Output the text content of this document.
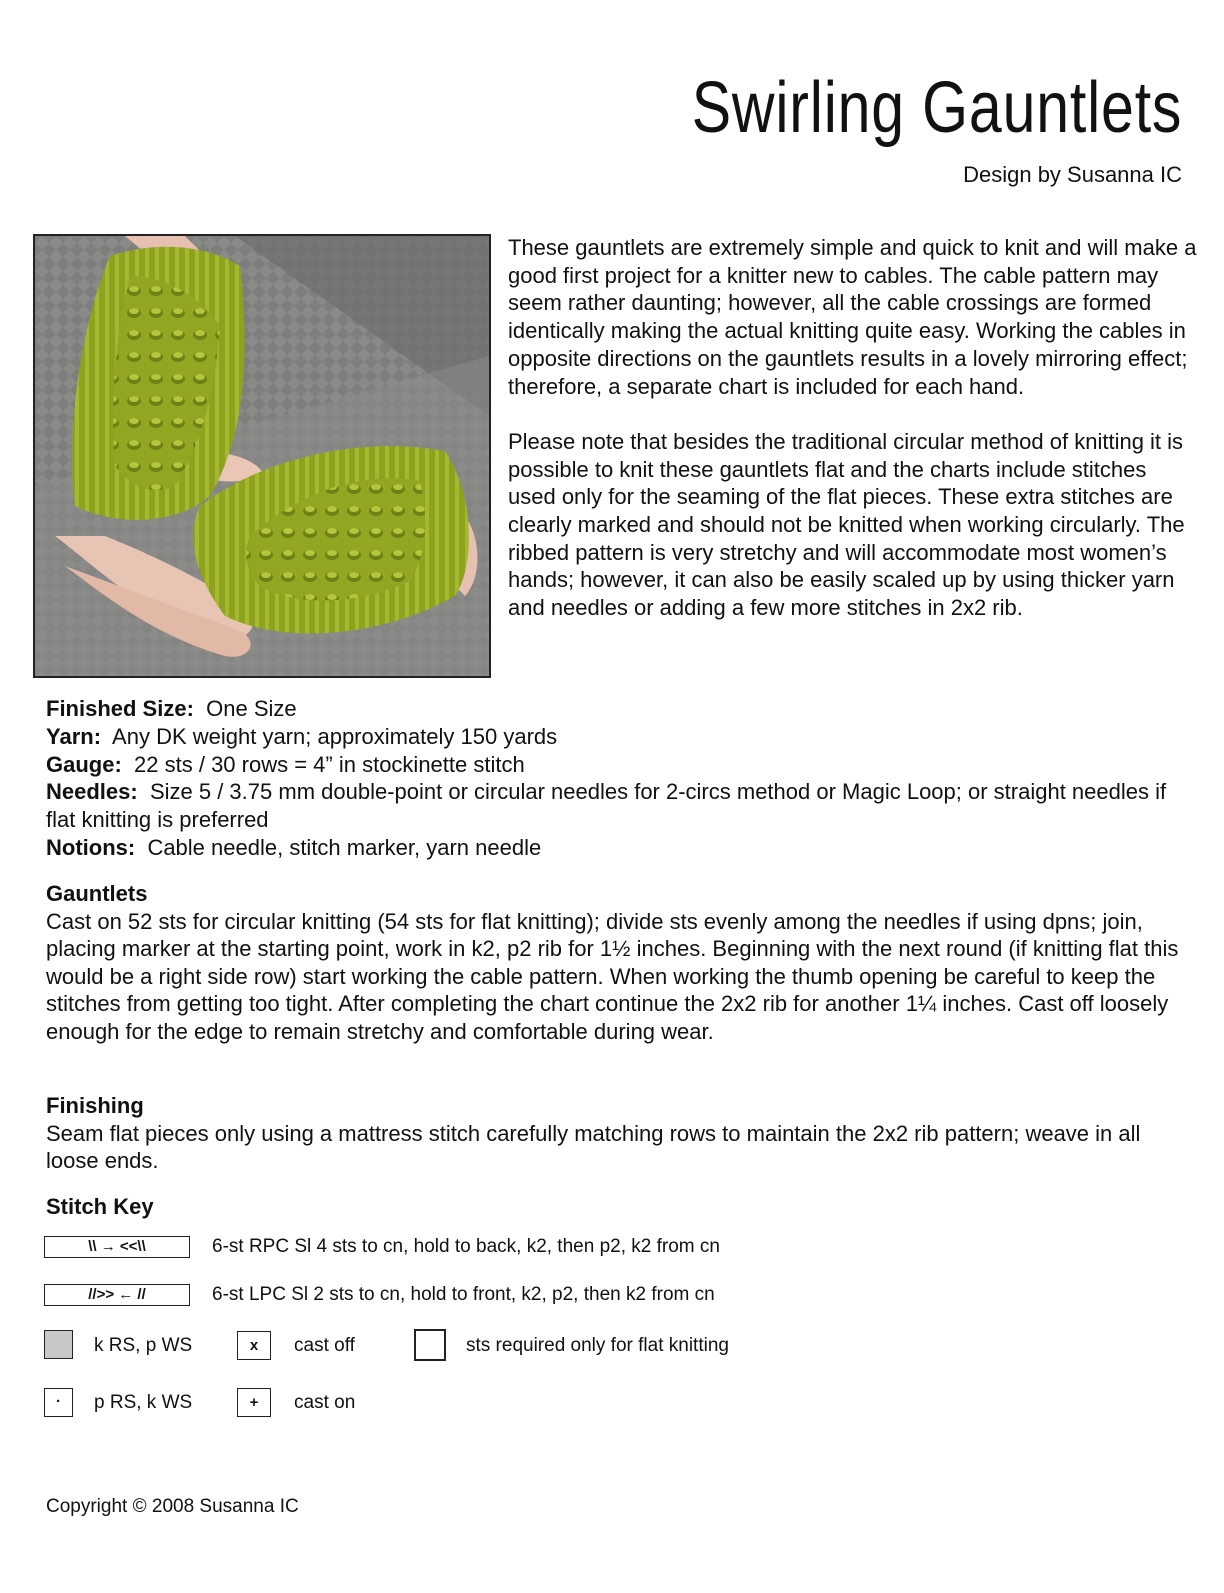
Swirling Gauntlets

Design by Susanna IC

These gauntlets are extremely simple and quick to knit and will make a good first project for a knitter new to cables. The cable pattern may seem rather daunting; however, all the cable crossings are formed identically making the actual knitting quite easy. Working the cables in opposite directions on the gauntlets results in a lovely mirroring effect; therefore, a separate chart is included for each hand.

Please note that besides the traditional circular method of knitting it is possible to knit these gauntlets flat and the charts include stitches used only for the seaming of the flat pieces. These extra stitches are clearly marked and should not be knitted when working circularly. The ribbed pattern is very stretchy and will accommodate most women’s hands; however, it can also be easily scaled up by using thicker yarn and needles or adding a few more stitches in 2x2 rib.

Finished Size: One Size

Yarn: Any DK weight yarn; approximately 150 yards

Gauge: 22 sts / 30 rows = 4” in stockinette stitch

Needles: Size 5 / 3.75 mm double-point or circular needles for 2-circs method or Magic Loop; or straight needles if flat knitting is preferred

Notions: Cable needle, stitch marker, yarn needle

Gauntlets

Cast on 52 sts for circular knitting (54 sts for flat knitting); divide sts evenly among the needles if using dpns; join, placing marker at the starting point, work in k2, p2 rib for 1½ inches. Beginning with the next round (if knitting flat this would be a right side row) start working the cable pattern. When working the thumb opening be careful to keep the stitches from getting too tight. After completing the chart continue the 2x2 rib for another 1¼ inches. Cast off loosely enough for the edge to remain stretchy and comfortable during wear.

Finishing

Seam flat pieces only using a mattress stitch carefully matching rows to maintain the 2x2 rib pattern; weave in all loose ends.

Stitch Key
\\ → <<\\	6-st RPC Sl 4 sts to cn, hold to back, k2, then p2, k2 from cn
//>> ← //	6-st LPC Sl 2 sts to cn, hold to front, k2, p2, then k2 from cn
k RS, p WS	x	cast off	sts required only for flat knitting
·	p RS, k WS	+	cast on

Copyright © 2008 Susanna IC
